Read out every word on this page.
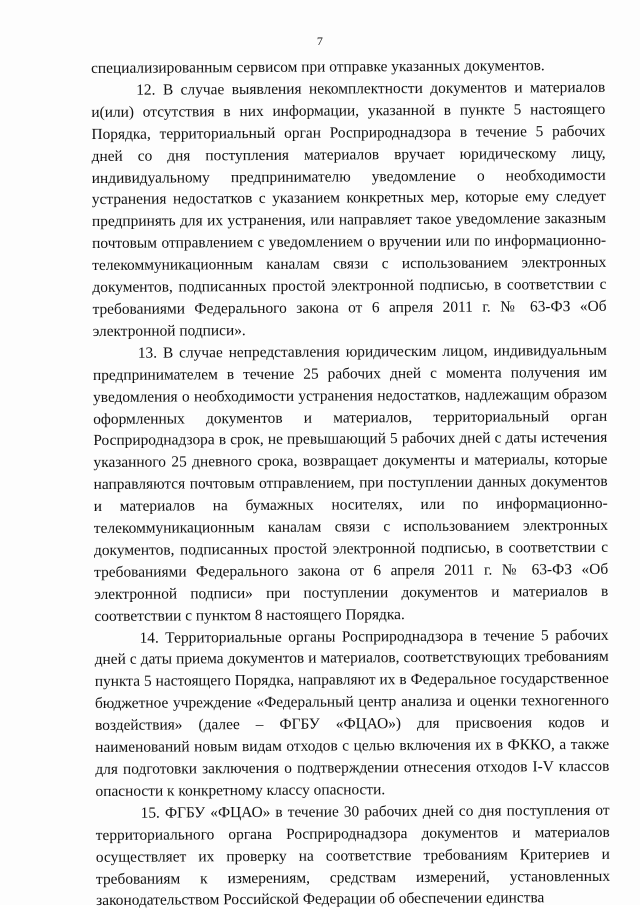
7

специализированным сервисом при отправке указанных документов.

12. В случае выявления некомплектности документов и материалов и(или) отсутствия в них информации, указанной в пункте 5 настоящего Порядка, территориальный орган Росприроднадзора в течение 5 рабочих дней со дня поступления материалов вручает юридическому лицу, индивидуальному предпринимателю уведомление о необходимости устранения недостатков с указанием конкретных мер, которые ему следует предпринять для их устранения, или направляет такое уведомление заказным почтовым отправлением с уведомлением о вручении или по информационно-телекоммуникационным каналам связи с использованием электронных документов, подписанных простой электронной подписью, в соответствии с требованиями Федерального закона от 6 апреля 2011 г. № 63-ФЗ «Об электронной подписи».

13. В случае непредставления юридическим лицом, индивидуальным предпринимателем в течение 25 рабочих дней с момента получения им уведомления о необходимости устранения недостатков, надлежащим образом оформленных документов и материалов, территориальный орган Росприроднадзора в срок, не превышающий 5 рабочих дней с даты истечения указанного 25 дневного срока, возвращает документы и материалы, которые направляются почтовым отправлением, при поступлении данных документов и материалов на бумажных носителях, или по информационно-телекоммуникационным каналам связи с использованием электронных документов, подписанных простой электронной подписью, в соответствии с требованиями Федерального закона от 6 апреля 2011 г. № 63-ФЗ «Об электронной подписи» при поступлении документов и материалов в соответствии с пунктом 8 настоящего Порядка.

14. Территориальные органы Росприроднадзора в течение 5 рабочих дней с даты приема документов и материалов, соответствующих требованиям пункта 5 настоящего Порядка, направляют их в Федеральное государственное бюджетное учреждение «Федеральный центр анализа и оценки техногенного воздействия» (далее – ФГБУ «ФЦАО») для присвоения кодов и наименований новым видам отходов с целью включения их в ФККО, а также для подготовки заключения о подтверждении отнесения отходов I-V классов опасности к конкретному классу опасности.

15. ФГБУ «ФЦАО» в течение 30 рабочих дней со дня поступления от территориального органа Росприроднадзора документов и материалов осуществляет их проверку на соответствие требованиям Критериев и требованиям к измерениям, средствам измерений, установленных законодательством Российской Федерации об обеспечении единства
